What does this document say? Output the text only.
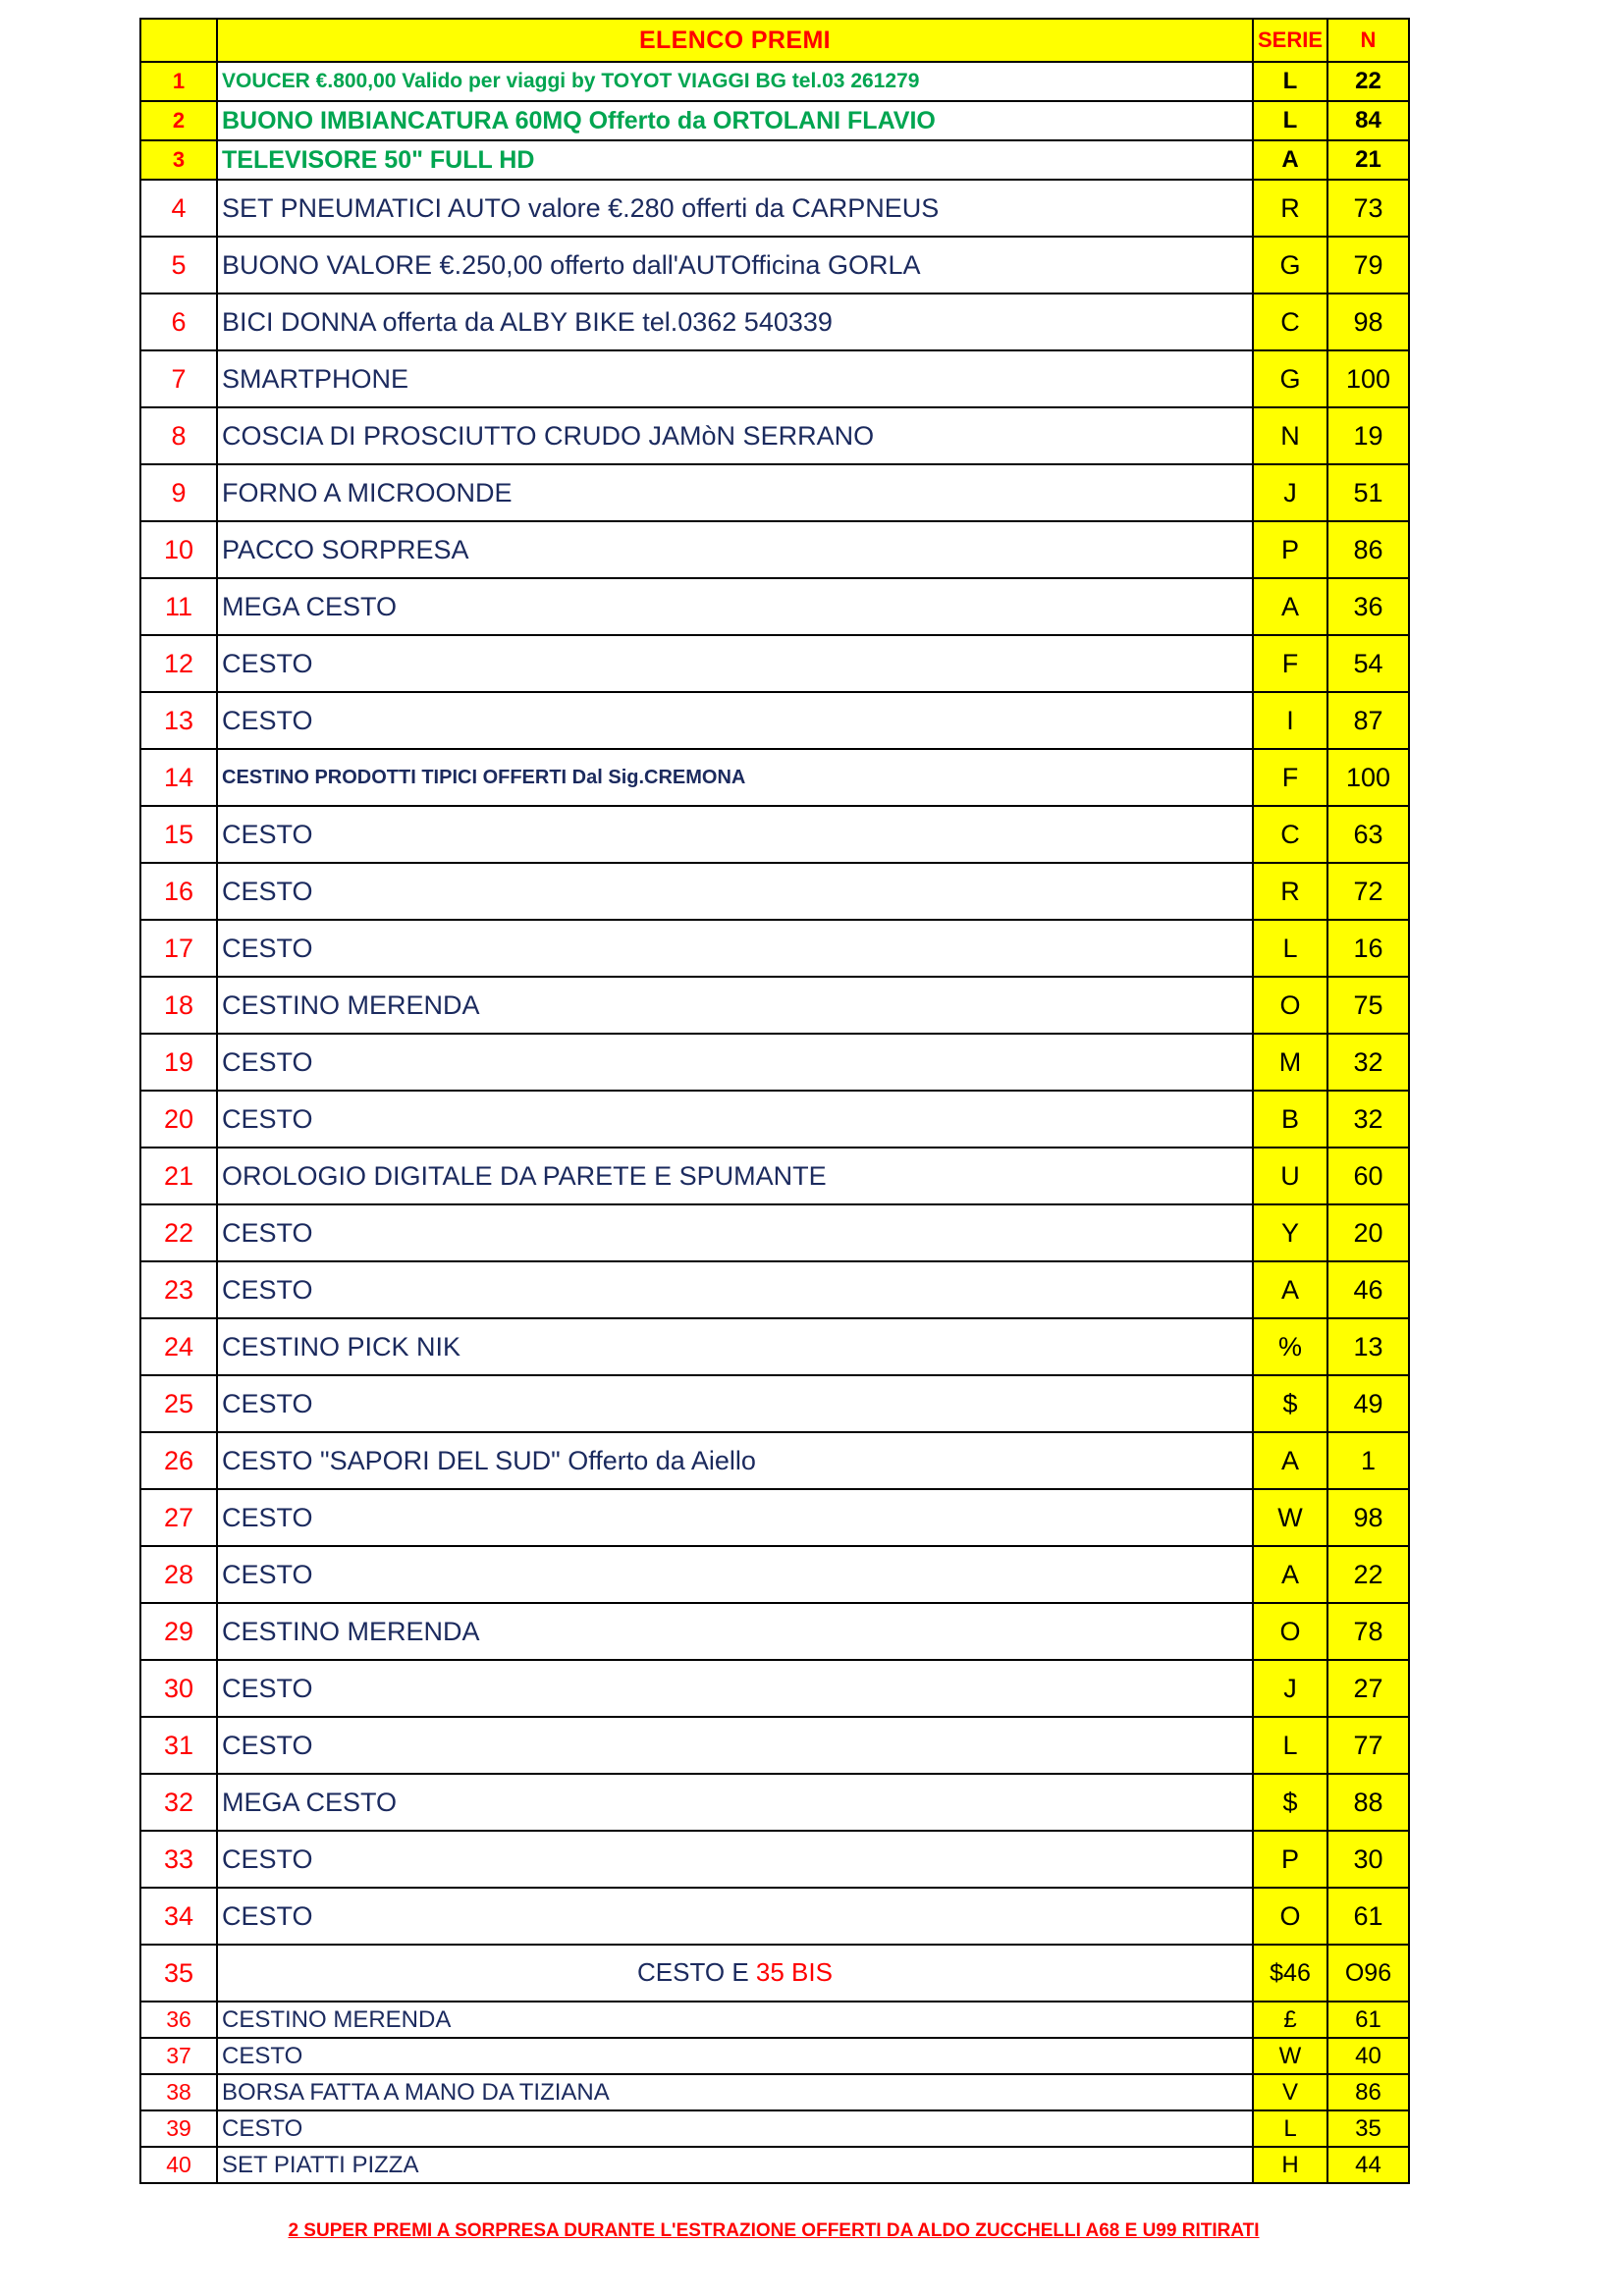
	ELENCO PREMI	SERIE	N
1	VOUCER €.800,00 Valido per viaggi by TOYOT VIAGGI BG tel.03 261279	L	22
2	BUONO IMBIANCATURA 60MQ Offerto da ORTOLANI FLAVIO	L	84
3	TELEVISORE 50" FULL HD	A	21
4	SET PNEUMATICI AUTO valore €.280 offerti da CARPNEUS	R	73
5	BUONO VALORE €.250,00 offerto dall'AUTOfficina GORLA	G	79
6	BICI DONNA offerta da ALBY BIKE tel.0362 540339	C	98
7	SMARTPHONE	G	100
8	COSCIA DI PROSCIUTTO CRUDO JAMòN SERRANO	N	19
9	FORNO A MICROONDE	J	51
10	PACCO SORPRESA	P	86
11	MEGA CESTO	A	36
12	CESTO	F	54
13	CESTO	I	87
14	CESTINO PRODOTTI TIPICI OFFERTI Dal Sig.CREMONA	F	100
15	CESTO	C	63
16	CESTO	R	72
17	CESTO	L	16
18	CESTINO MERENDA	O	75
19	CESTO	M	32
20	CESTO	B	32
21	OROLOGIO DIGITALE DA PARETE E SPUMANTE	U	60
22	CESTO	Y	20
23	CESTO	A	46
24	CESTINO PICK NIK	%	13
25	CESTO	$	49
26	CESTO "SAPORI DEL SUD" Offerto da Aiello	A	1
27	CESTO	W	98
28	CESTO	A	22
29	CESTINO MERENDA	O	78
30	CESTO	J	27
31	CESTO	L	77
32	MEGA CESTO	$	88
33	CESTO	P	30
34	CESTO	O	61
35	CESTO E 35 BIS	$46	O96
36	CESTINO MERENDA	£	61
37	CESTO	W	40
38	BORSA FATTA A MANO DA TIZIANA	V	86
39	CESTO	L	35
40	SET PIATTI PIZZA	H	44
2 SUPER PREMI A SORPRESA DURANTE L'ESTRAZIONE OFFERTI DA ALDO ZUCCHELLI A68 E U99 RITIRATI
